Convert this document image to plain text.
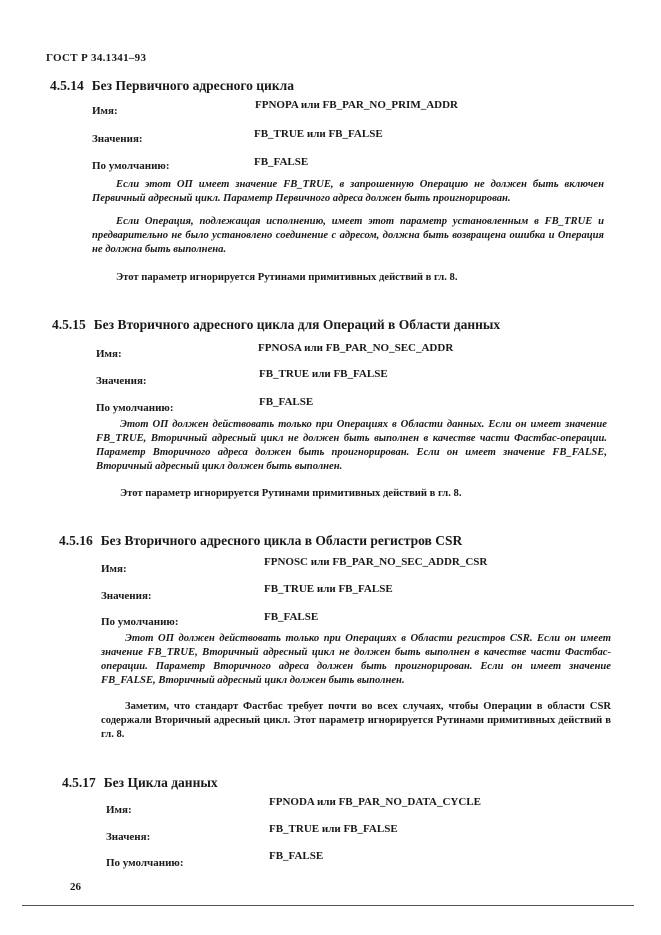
ГОСТ Р 34.1341–93
4.5.14 Без Первичного адресного цикла
Имя:	FPNOPA или FB_PAR_NO_PRIM_ADDR
Значения:	FB_TRUE или FB_FALSE
По умолчанию:	FB_FALSE
Если этот ОП имеет значение FB_TRUE, в запрошенную Операцию не должен быть включен Первичный адресный цикл. Параметр Первичного адреса должен быть проигнорирован.
Если Операция, подлежащая исполнению, имеет этот параметр установленным в FB_TRUE и предварительно не было установлено соединение с адресом, должна быть возвращена ошибка и Операция не должна быть выполнена.
Этот параметр игнорируется Рутинами примитивных действий в гл. 8.
4.5.15 Без Вторичного адресного цикла для Операций в Области данных
Имя:	FPNOSA или FB_PAR_NO_SEC_ADDR
Значения:
FB_TRUE или FB_FALSE
По умолчанию:	FB_FALSE
Этот ОП должен действовать только при Операциях в Области данных. Если он имеет значение FB_TRUE, Вторичный адресный цикл не должен быть выполнен в качестве части Фастбас-операции. Параметр Вторичного адреса должен быть проигнорирован. Если он имеет значение FB_FALSE, Вторичный адресный цикл должен быть выполнен.
Этот параметр игнорируется Рутинами примитивных действий в гл. 8.
4.5.16 Без Вторичного адресного цикла в Области регистров CSR
Имя:
FPNOSC или FB_PAR_NO_SEC_ADDR_CSR
Значения:
FB_TRUE или FB_FALSE
По умолчанию:	FB_FALSE
Этот ОП должен действовать только при Операциях в Области регистров CSR. Если он имеет значение FB_TRUE, Вторичный адресный цикл не должен быть выполнен в качестве части Фастбас-операции. Параметр Вторичного адреса должен быть проигнорирован. Если он имеет значение FB_FALSE, Вторичный адресный цикл должен быть выполнен.
Заметим, что стандарт Фастбас требует почти во всех случаях, чтобы Операции в области CSR содержали Вторичный адресный цикл. Этот параметр игнорируется Рутинами примитивных действий в гл. 8.
4.5.17 Без Цикла данных
Имя:
FPNODA или FB_PAR_NO_DATA_CYCLE
Значеня:
FB_TRUE или FB_FALSE
По умолчанию:
FB_FALSE
26
